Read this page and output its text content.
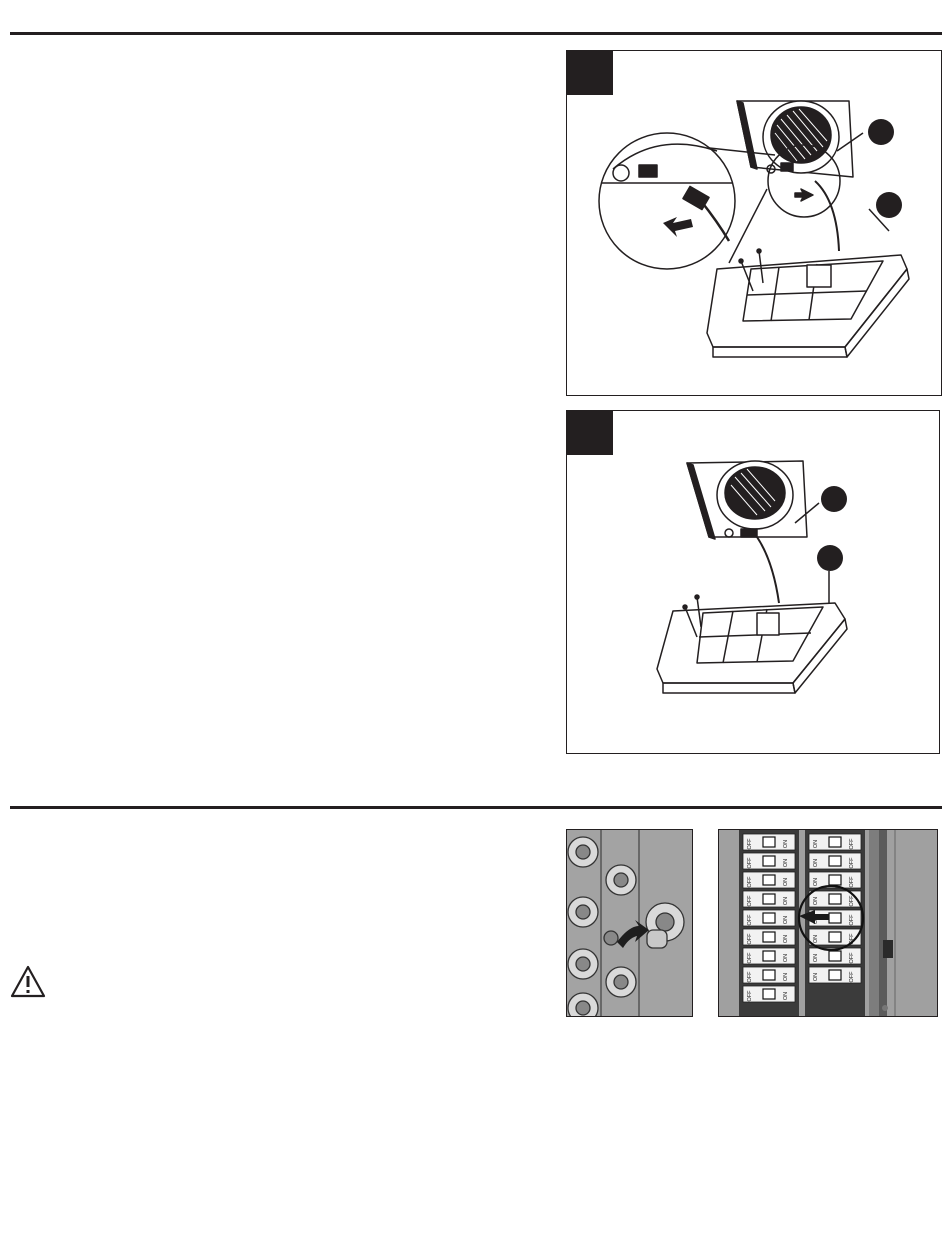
OFF	ON	ON	OFF
OFF	ON	ON	OFF
OFF	ON	ON	OFF
OFF	ON	ON	OFF
OFF	ON	OFF
OFF	ON	ON	OFF
OFF	ON	ON	OFF
OFF	ON	ON	OFF
OFF	ON
